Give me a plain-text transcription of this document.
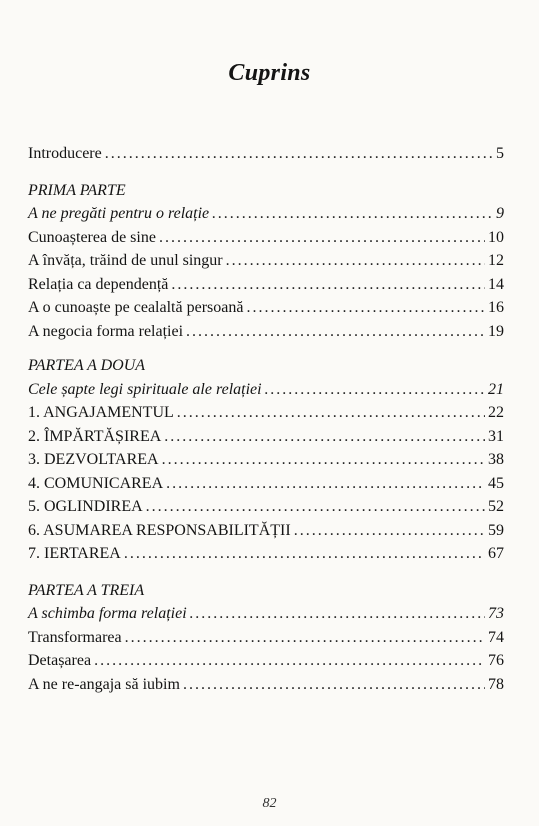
Cuprins
Introducere .....	5
PRIMA PARTE
A ne pregăti pentru o relație .....	9
Cunoașterea de sine .....	10
A învăța, trăind de unul singur .....	12
Relația ca dependență .....	14
A o cunoaște pe cealaltă persoană .....	16
A negocia forma relației .....	19
PARTEA A DOUA
Cele șapte legi spirituale ale relației .....	21
1. ANGAJAMENTUL .....	22
2. ÎMPĂRTĂȘIREA .....	31
3. DEZVOLTAREA .....	38
4. COMUNICAREA .....	45
5. OGLINDIREA .....	52
6. ASUMAREA RESPONSABILITĂȚII .....	59
7. IERTAREA .....	67
PARTEA A TREIA
A schimba forma relației .....	73
Transformarea .....	74
Detașarea .....	76
A ne re-angaja să iubim .....	78
82
